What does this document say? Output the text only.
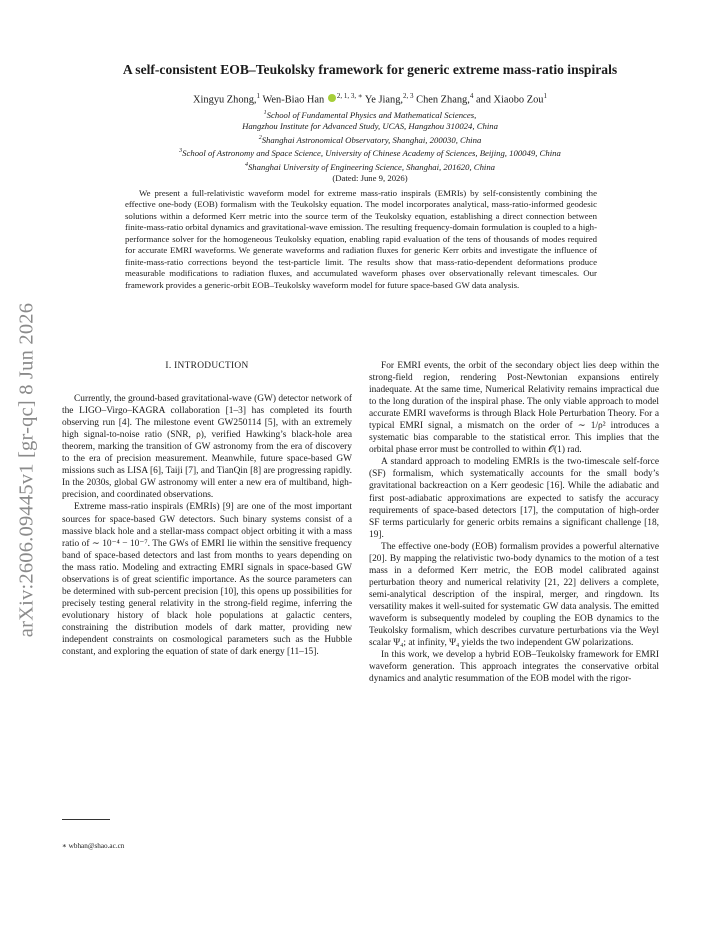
arXiv:2606.09445v1 [gr-qc] 8 Jun 2026
A self-consistent EOB–Teukolsky framework for generic extreme mass-ratio inspirals
Xingyu Zhong,$^1$ Wen-Biao Han $^{2, 1, 3, ∗}$ Ye Jiang,$^{2, 3}$ Chen Zhang,$^4$ and Xiaobo Zou$^1$
$^1$School of Fundamental Physics and Mathematical Sciences,
Hangzhou Institute for Advanced Study, UCAS, Hangzhou 310024, China
$^2$Shanghai Astronomical Observatory, Shanghai, 200030, China
$^3$School of Astronomy and Space Science, University of Chinese Academy of Sciences, Beijing, 100049, China
$^4$Shanghai University of Engineering Science, Shanghai, 201620, China
(Dated: June 9, 2026)
We present a full-relativistic waveform model for extreme mass-ratio inspirals (EMRIs) by self-consistently combining the effective one-body (EOB) formalism with the Teukolsky equation. The model incorporates analytical, mass-ratio-informed geodesic solutions within a deformed Kerr metric into the source term of the Teukolsky equation, establishing a direct connection between finite-mass-ratio orbital dynamics and gravitational-wave emission. The resulting frequency-domain formulation is coupled to a high-performance solver for the homogeneous Teukolsky equation, enabling rapid evaluation of the tens of thousands of modes required for accurate EMRI waveforms. We generate waveforms and radiation fluxes for generic Kerr orbits and investigate the influence of finite-mass-ratio corrections beyond the test-particle limit. The results show that mass-ratio-dependent deformations produce measurable modifications to radiation fluxes, and accumulated waveform phases over observationally relevant timescales. Our framework provides a generic-orbit EOB–Teukolsky waveform model for future space-based GW data analysis.
I. INTRODUCTION

Currently, the ground-based gravitational-wave (GW) detector network of the LIGO–Virgo–KAGRA collaboration [1–3] has completed its fourth observing run [4]. The milestone event GW250114 [5], with an extremely high signal-to-noise ratio (SNR, ρ), verified Hawking’s black-hole area theorem, marking the transition of GW astronomy from the era of discovery to the era of precision measurement. Meanwhile, future space-based GW missions such as LISA [6], Taiji [7], and TianQin [8] are progressing rapidly. In the 2030s, global GW astronomy will enter a new era of multiband, high-precision, and coordinated observations.

Extreme mass-ratio inspirals (EMRIs) [9] are one of the most important sources for space-based GW detectors. Such binary systems consist of a massive black hole and a stellar-mass compact object orbiting it with a mass ratio of ∼ 10⁻⁴ − 10⁻⁷. The GWs of EMRI lie within the sensitive frequency band of space-based detectors and last from months to years depending on the mass ratio. Modeling and extracting EMRI signals in space-based GW observations is of great scientific importance. As the source parameters can be determined with sub-percent precision [10], this opens up possibilities for precisely testing general relativity in the strong-field regime, inferring the evolutionary history of black hole populations at galactic centers, constraining the distribution models of dark matter, providing new independent constraints on cosmological parameters such as the Hubble constant, and exploring the equation of state of dark energy [11–15].

∗ wbhan@shao.ac.cn

For EMRI events, the orbit of the secondary object lies deep within the strong-field region, rendering Post-Newtonian expansions entirely inadequate. At the same time, Numerical Relativity remains impractical due to the long duration of the inspiral phase. The only viable approach to model accurate EMRI waveforms is through Black Hole Perturbation Theory. For a typical EMRI signal, a mismatch on the order of ∼ 1/ρ² introduces a systematic bias comparable to the statistical error. This implies that the orbital phase error must be controlled to within 𝒪(1) rad.

A standard approach to modeling EMRIs is the two-timescale self-force (SF) formalism, which systematically accounts for the small body’s gravitational backreaction on a Kerr geodesic [16]. While the adiabatic and first post-adiabatic approximations are expected to satisfy the accuracy requirements of space-based detectors [17], the computation of high-order SF terms particularly for generic orbits remains a significant challenge [18, 19].

The effective one-body (EOB) formalism provides a powerful alternative [20]. By mapping the relativistic two-body dynamics to the motion of a test mass in a deformed Kerr metric, the EOB model calibrated against perturbation theory and numerical relativity [21, 22] delivers a complete, semi-analytical description of the inspiral, merger, and ringdown. Its versatility makes it well-suited for systematic GW data analysis. The emitted waveform is subsequently modeled by coupling the EOB dynamics to the Teukolsky formalism, which describes curvature perturbations via the Weyl scalar Ψ₄; at infinity, Ψ₄ yields the two independent GW polarizations.

In this work, we develop a hybrid EOB–Teukolsky framework for EMRI waveform generation. This approach integrates the conservative orbital dynamics and analytic resummation of the EOB model with the rigor-
